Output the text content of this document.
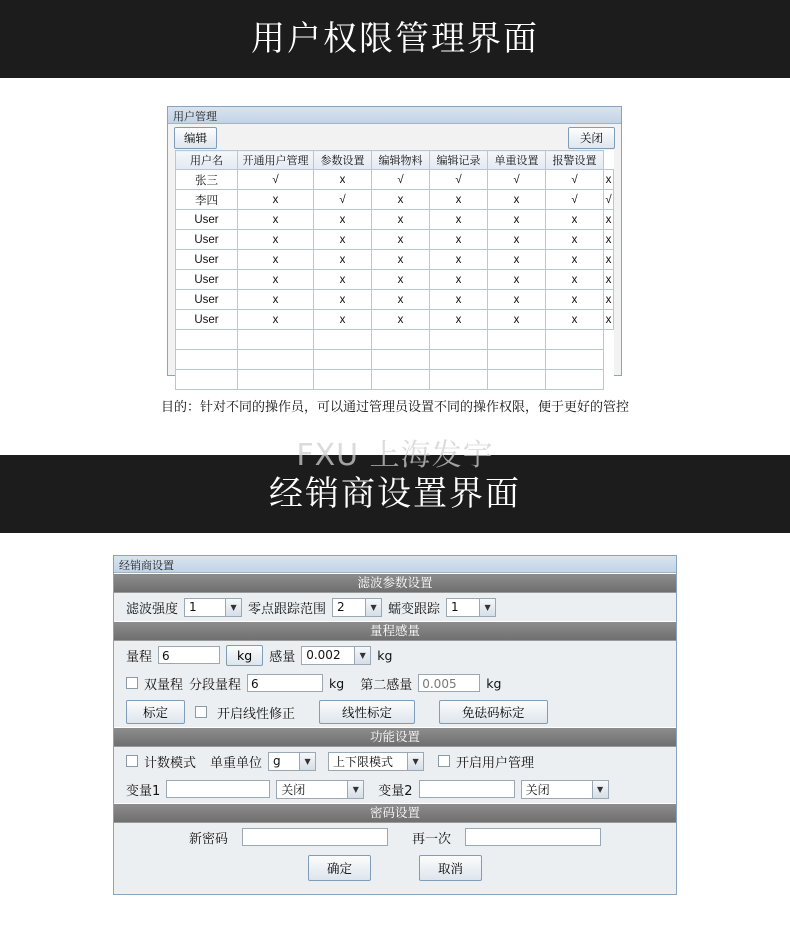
用户权限管理界面
用户管理
编辑	关闭
用户名	开通用户管理	参数设置	编辑物料	编辑记录	单重设置	报警设置	
张三	√	x	√	√	√	√	x
李四	x	√	x	x	x	√	√
User	x	x	x	x	x	x	x
User	x	x	x	x	x	x	x
User	x	x	x	x	x	x	x
User	x	x	x	x	x	x	x
User	x	x	x	x	x	x	x
User	x	x	x	x	x	x	x

目的：针对不同的操作员，可以通过管理员设置不同的操作权限，便于更好的管控
FXU 上海发宇
经销商设置界面
经销商设置
滤波参数设置
滤波强度 1	▼ 零点跟踪范围 2	▼ 蠕变跟踪 1	▼
量程感量
量程 6	kg	感量 0.002	▼ kg
双量程 分段量程 6	kg 第二感量 0.005	kg
标定	开启线性修正	线性标定	免砝码标定
功能设置
计数模式 单重单位 g	▼	上下限模式	▼	开启用户管理
变量1	关闭	▼	变量2	关闭	▼
密码设置
新密码	再一次
确定	取消
